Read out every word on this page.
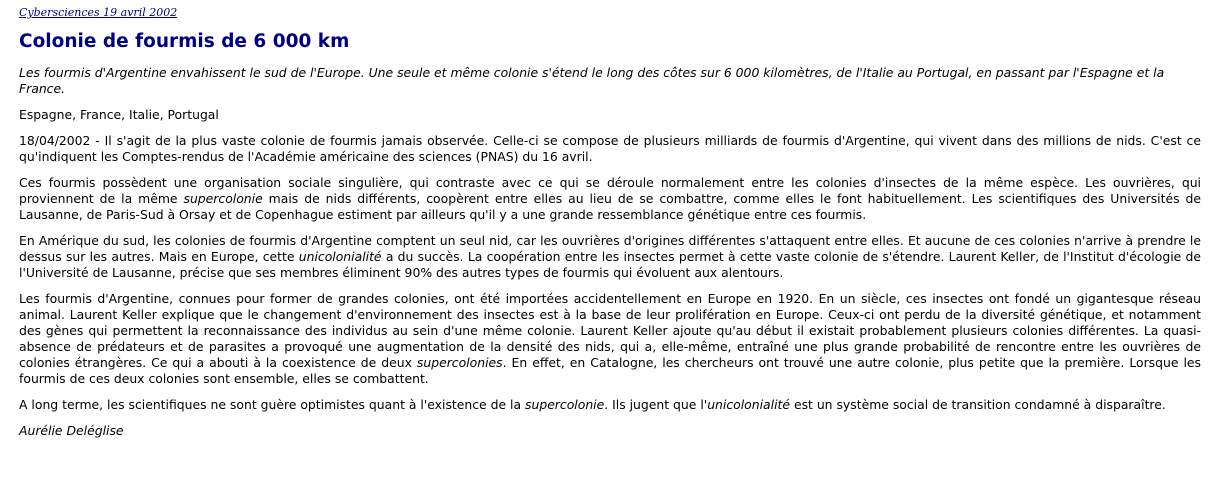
Cybersciences 19 avril 2002
Colonie de fourmis de 6 000 km

Les fourmis d'Argentine envahissent le sud de l'Europe. Une seule et même colonie s'étend le long des côtes sur 6 000 kilomètres, de l'Italie au Portugal, en passant par l'Espagne et la France.

Espagne, France, Italie, Portugal

18/04/2002 - Il s'agit de la plus vaste colonie de fourmis jamais observée. Celle-ci se compose de plusieurs milliards de fourmis d'Argentine, qui vivent dans des millions de nids. C'est ce qu'indiquent les Comptes-rendus de l'Académie américaine des sciences (PNAS) du 16 avril.

Ces fourmis possèdent une organisation sociale singulière, qui contraste avec ce qui se déroule normalement entre les colonies d'insectes de la même espèce. Les ouvrières, qui proviennent de la même supercolonie mais de nids différents, coopèrent entre elles au lieu de se combattre, comme elles le font habituellement. Les scientifiques des Universités de Lausanne, de Paris-Sud à Orsay et de Copenhague estiment par ailleurs qu'il y a une grande ressemblance génétique entre ces fourmis.

En Amérique du sud, les colonies de fourmis d'Argentine comptent un seul nid, car les ouvrières d'origines différentes s'attaquent entre elles. Et aucune de ces colonies n'arrive à prendre le dessus sur les autres. Mais en Europe, cette unicolonialité a du succès. La coopération entre les insectes permet à cette vaste colonie de s'étendre. Laurent Keller, de l'Institut d'écologie de l'Université de Lausanne, précise que ses membres éliminent 90% des autres types de fourmis qui évoluent aux alentours.

Les fourmis d'Argentine, connues pour former de grandes colonies, ont été importées accidentellement en Europe en 1920. En un siècle, ces insectes ont fondé un gigantesque réseau animal. Laurent Keller explique que le changement d'environnement des insectes est à la base de leur prolifération en Europe. Ceux-ci ont perdu de la diversité génétique, et notamment des gènes qui permettent la reconnaissance des individus au sein d'une même colonie. Laurent Keller ajoute qu'au début il existait probablement plusieurs colonies différentes. La quasi-absence de prédateurs et de parasites a provoqué une augmentation de la densité des nids, qui a, elle-même, entraîné une plus grande probabilité de rencontre entre les ouvrières de colonies étrangères. Ce qui a abouti à la coexistence de deux supercolonies. En effet, en Catalogne, les chercheurs ont trouvé une autre colonie, plus petite que la première. Lorsque les fourmis de ces deux colonies sont ensemble, elles se combattent.

A long terme, les scientifiques ne sont guère optimistes quant à l'existence de la supercolonie. Ils jugent que l'unicolonialité est un système social de transition condamné à disparaître.

Aurélie Deléglise
